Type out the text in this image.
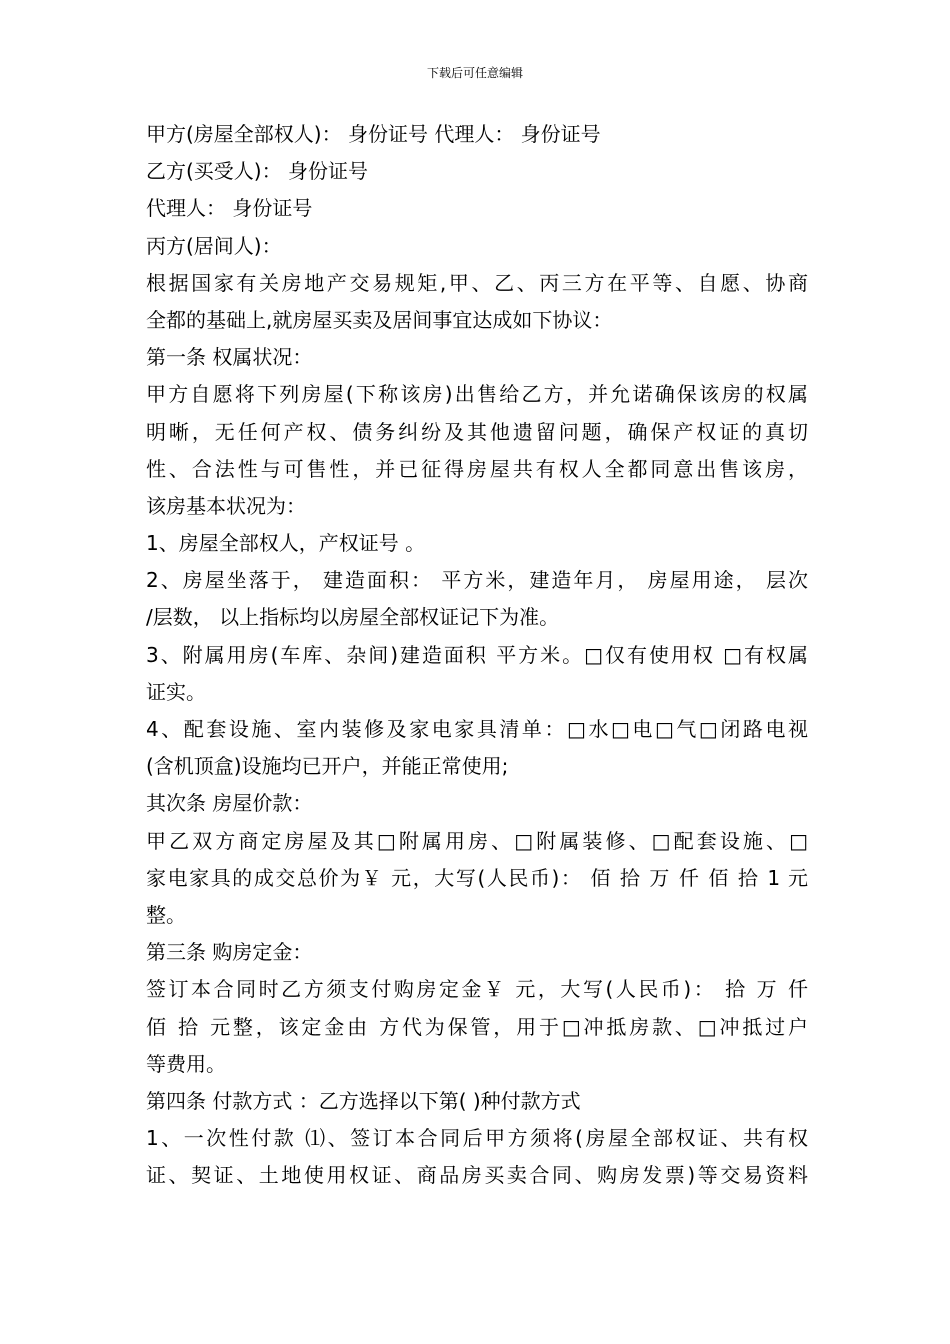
下载后可任意编辑
甲方(房屋全部权人)： 身份证号 代理人： 身份证号
乙方(买受人)： 身份证号
代理人： 身份证号
丙方(居间人)：
根据国家有关房地产交易规矩,甲、乙、丙三方在平等、自愿、协商
全都的基础上,就房屋买卖及居间事宜达成如下协议：
第一条 权属状况：
甲方自愿将下列房屋(下称该房)出售给乙方，并允诺确保该房的权属
明晰，无任何产权、债务纠纷及其他遗留问题，确保产权证的真切
性、合法性与可售性，并已征得房屋共有权人全都同意出售该房，
该房基本状况为：
1、房屋全部权人，产权证号 。
2、房屋坐落于， 建造面积： 平方米，建造年月， 房屋用途， 层次
/层数， 以上指标均以房屋全部权证记下为准。
3、附属用房(车库、杂间)建造面积 平方米。□仅有使用权 □有权属
证实。
4、配套设施、室内装修及家电家具清单：□水□电□气□闭路电视
(含机顶盒)设施均已开户，并能正常使用;
其次条 房屋价款：
甲乙双方商定房屋及其□附属用房、□附属装修、□配套设施、□
家电家具的成交总价为￥ 元，大写(人民币)： 佰 拾 万 仟 佰 拾 1 元
整。
第三条 购房定金：
签订本合同时乙方须支付购房定金￥ 元，大写(人民币)： 拾 万 仟
佰 拾 元整，该定金由 方代为保管，用于□冲抵房款、□冲抵过户
等费用。
第四条 付款方式 ：乙方选择以下第( )种付款方式
1、一次性付款 ⑴、签订本合同后甲方须将(房屋全部权证、共有权
证、契证、土地使用权证、商品房买卖合同、购房发票)等交易资料
